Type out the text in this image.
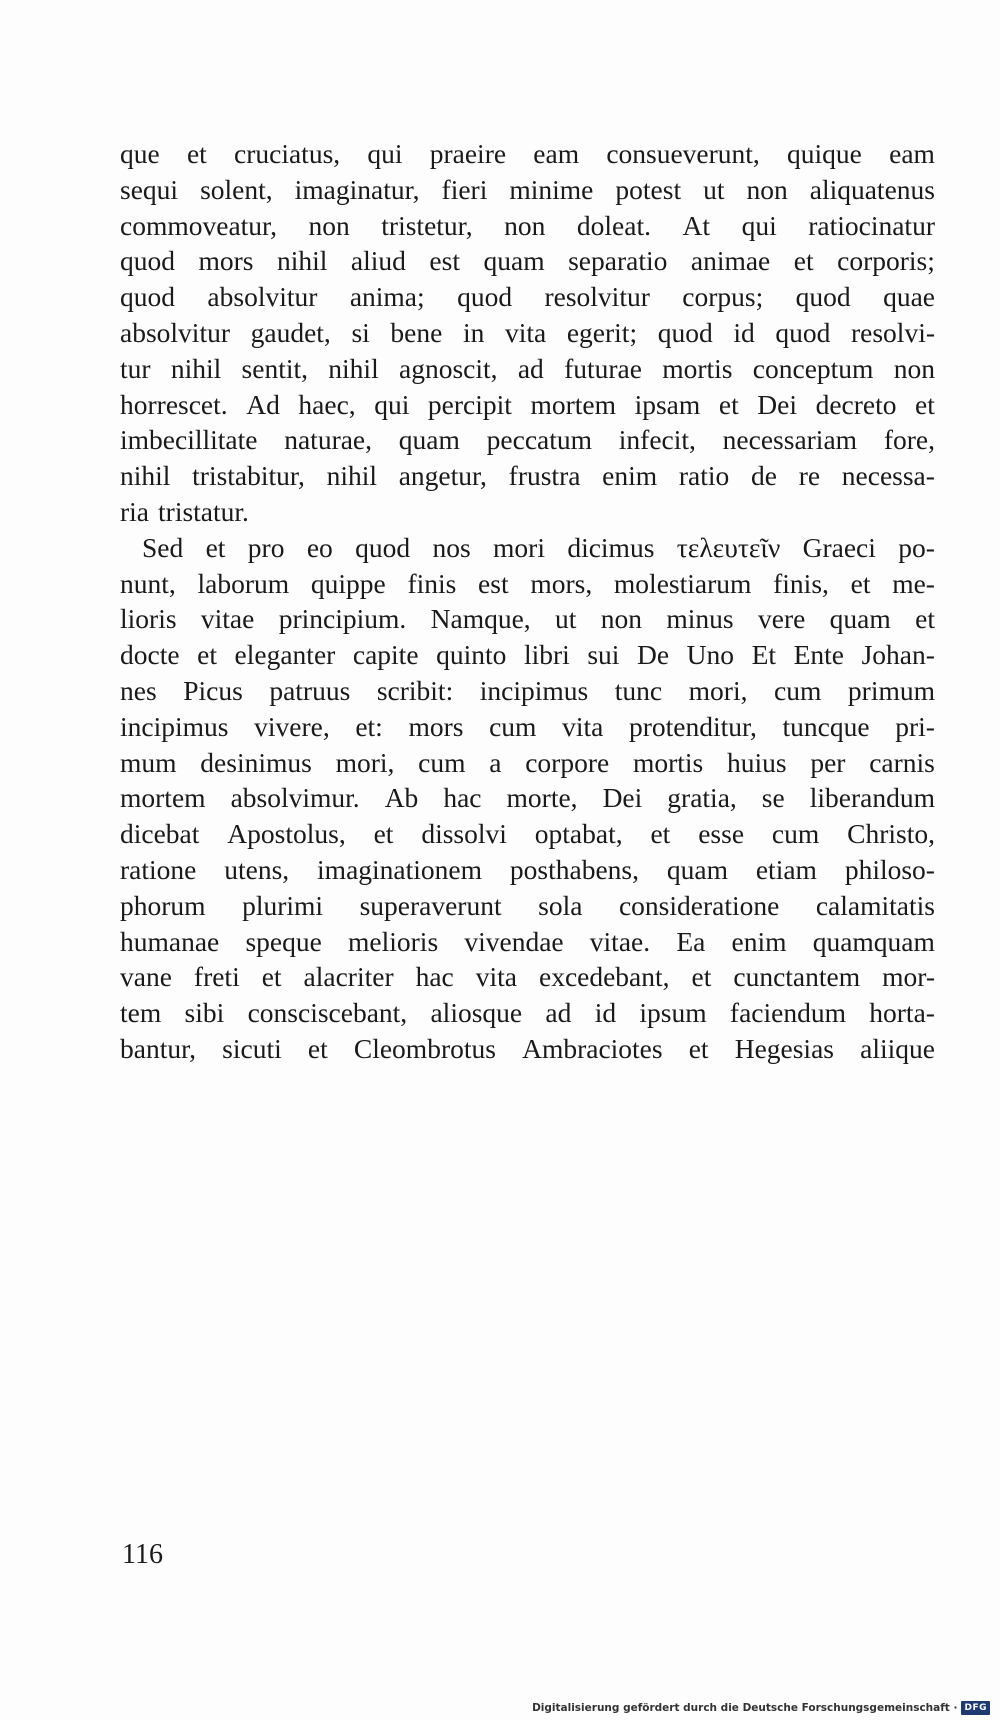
que et cruciatus, qui praeire eam consueverunt, quique eam
sequi solent, imaginatur, fieri minime potest ut non aliquatenus
commoveatur, non tristetur, non doleat. At qui ratiocinatur
quod mors nihil aliud est quam separatio animae et corporis;
quod absolvitur anima; quod resolvitur corpus; quod quae
absolvitur gaudet, si bene in vita egerit; quod id quod resolvi-
tur nihil sentit, nihil agnoscit, ad futurae mortis conceptum non
horrescet. Ad haec, qui percipit mortem ipsam et Dei decreto et
imbecillitate naturae, quam peccatum infecit, necessariam fore,
nihil tristabitur, nihil angetur, frustra enim ratio de re necessa-
ria tristatur.
Sed et pro eo quod nos mori dicimus τελευτεῖν Graeci po-
nunt, laborum quippe finis est mors, molestiarum finis, et me-
lioris vitae principium. Namque, ut non minus vere quam et
docte et eleganter capite quinto libri sui De Uno Et Ente Johan-
nes Picus patruus scribit: incipimus tunc mori, cum primum
incipimus vivere, et: mors cum vita protenditur, tuncque pri-
mum desinimus mori, cum a corpore mortis huius per carnis
mortem absolvimur. Ab hac morte, Dei gratia, se liberandum
dicebat Apostolus, et dissolvi optabat, et esse cum Christo,
ratione utens, imaginationem posthabens, quam etiam philoso-
phorum plurimi superaverunt sola consideratione calamitatis
humanae speque melioris vivendae vitae. Ea enim quamquam
vane freti et alacriter hac vita excedebant, et cunctantem mor-
tem sibi consciscebant, aliosque ad id ipsum faciendum horta-
bantur, sicuti et Cleombrotus Ambraciotes et Hegesias aliique
116
Digitalisierung gefördert durch die Deutsche Forschungsgemeinschaft · DFG
